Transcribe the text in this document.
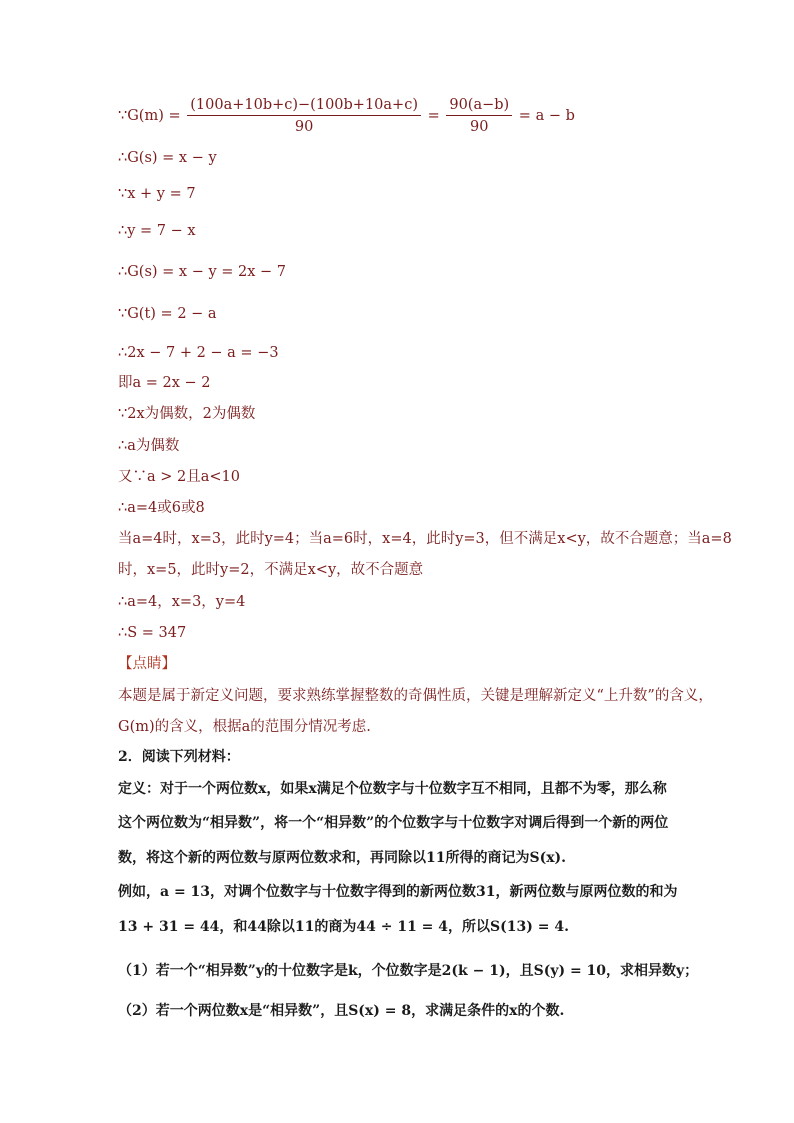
∵G(m) = $\frac{(100a+10b+c)-(100b+10a+c)}{90} = \frac{90(a-b)}{90} = a - b$
∴G(s) = x − y
∵x + y = 7
∴y = 7 − x
∴G(s) = x − y = 2x − 7
∵G(t) = 2 − a
∴2x − 7 + 2 − a = −3
即a = 2x − 2
∵2x为偶数，2为偶数
∴a为偶数
又∵a > 2且a<10
∴a=4或6或8
当a=4时，x=3，此时y=4；当a=6时，x=4，此时y=3，但不满足x<y，故不合题意；当a=8
时，x=5，此时y=2，不满足x<y，故不合题意
∴a=4，x=3，y=4
∴S = 347
【点睛】
本题是属于新定义问题，要求熟练掌握整数的奇偶性质，关键是理解新定义“上升数”的含义，
G(m)的含义，根据a的范围分情况考虑.
2．阅读下列材料：
定义：对于一个两位数x，如果x满足个位数字与十位数字互不相同，且都不为零，那么称
这个两位数为“相异数”，将一个“相异数”的个位数字与十位数字对调后得到一个新的两位
数，将这个新的两位数与原两位数求和，再同除以11所得的商记为S(x).
例如，a = 13，对调个位数字与十位数字得到的新两位数31，新两位数与原两位数的和为
13 + 31 = 44，和44除以11的商为44 ÷ 11 = 4，所以S(13) = 4.
（1）若一个“相异数”y的十位数字是k，个位数字是2(k − 1)，且S(y) = 10，求相异数y；
（2）若一个两位数x是“相异数”，且S(x) = 8，求满足条件的x的个数.
